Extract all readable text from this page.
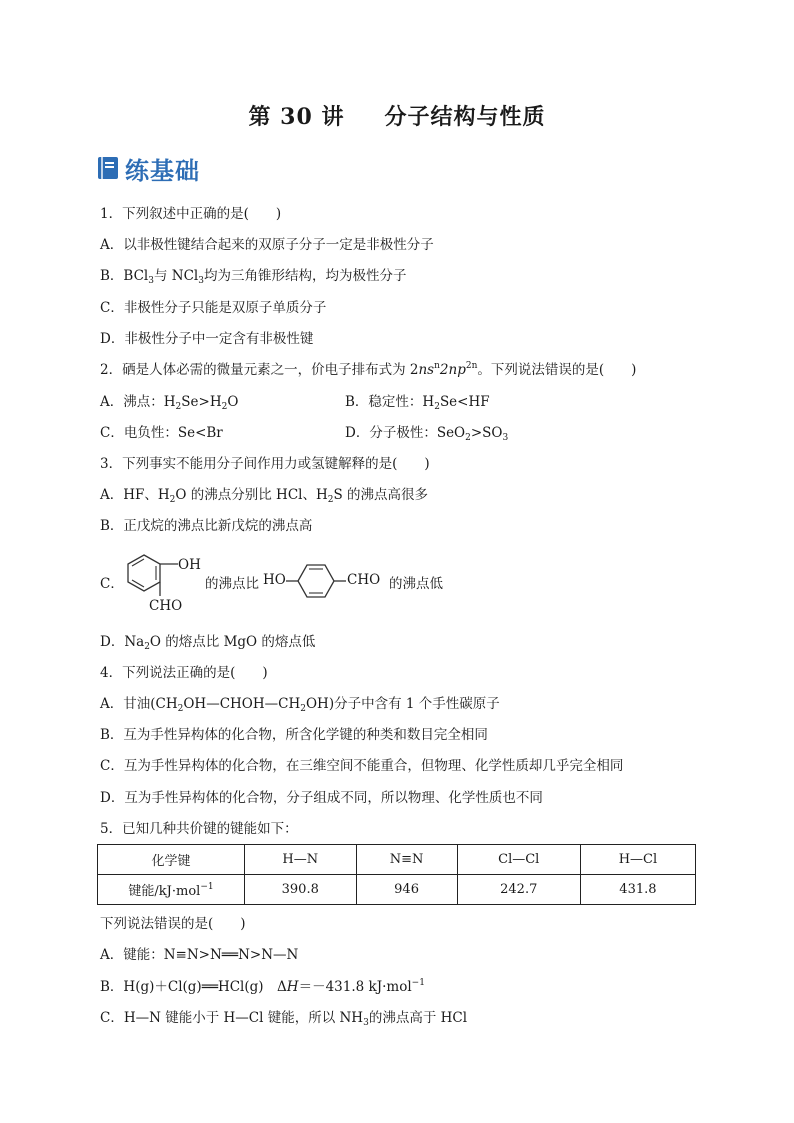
第 30 讲 分子结构与性质
练基础
1．下列叙述中正确的是(　　)
A．以非极性键结合起来的双原子分子一定是非极性分子
B．BCl$_3$与 NCl$_3$均为三角锥形结构，均为极性分子
C．非极性分子只能是双原子单质分子
D．非极性分子中一定含有非极性键
2．硒是人体必需的微量元素之一，价电子排布式为 $2ns^n2np^{2n}$。下列说法错误的是(　　)
A．沸点：$H_2Se>H_2O$	B．稳定性：$H_2Se<HF$
C．电负性：Se<Br	D．分子极性：$SeO_2>SO_3$
3．下列事实不能用分子间作用力或氢键解释的是(　　)
A．HF、$H_2O$ 的沸点分别比 HCl、$H_2S$ 的沸点高很多
B．正戊烷的沸点比新戊烷的沸点高
C．
OH
CHO
的沸点比 HO	CHO 的沸点低
D．$Na_2O$ 的熔点比 MgO 的熔点低
4．下列说法正确的是(　　)
A．甘油$(CH_2OH—CHOH—CH_2OH)$分子中含有 1 个手性碳原子
B．互为手性异构体的化合物，所含化学键的种类和数目完全相同
C．互为手性异构体的化合物，在三维空间不能重合，但物理、化学性质却几乎完全相同
D．互为手性异构体的化合物，分子组成不同，所以物理、化学性质也不同
5．已知几种共价键的键能如下：
化学键	H—N	N≡N	Cl—Cl	H—Cl
键能/kJ·mol$^{-1}$	390.8	946	242.7	431.8
下列说法错误的是(　　)
A．键能：N≡N>N══N>N—N
B．H(g)＋Cl(g)══HCl(g)　ΔH＝－431.8 kJ·mol$^{-1}$
C．H—N 键能小于 H—Cl 键能，所以 $NH_3$的沸点高于 HCl
